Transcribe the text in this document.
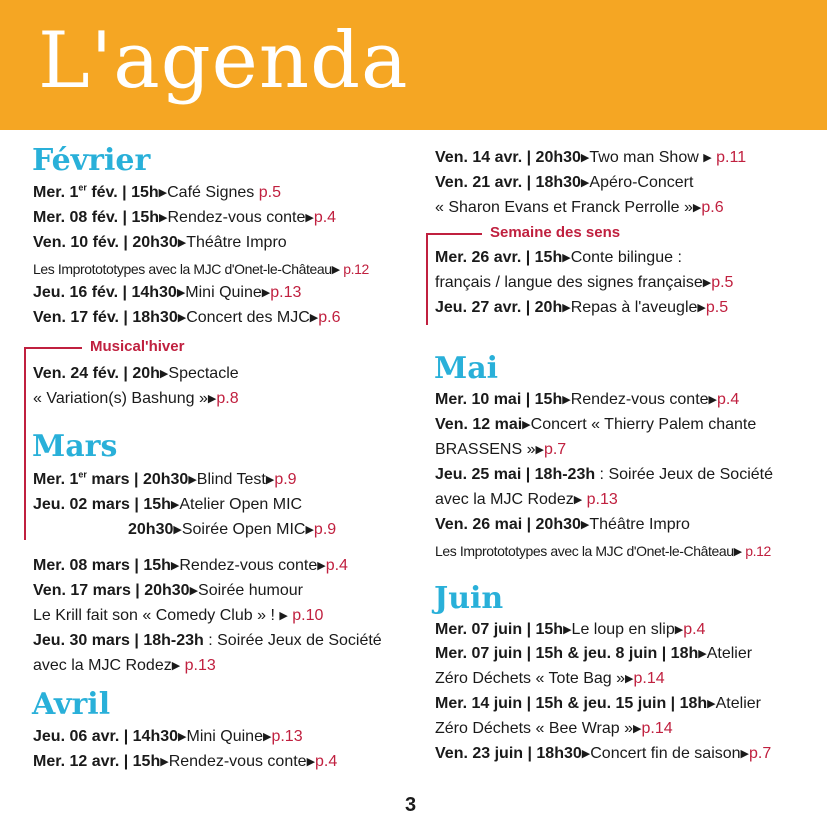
L'agenda
Février
Mer. 1er fév. | 15h▶Café Signes p.5
Mer. 08 fév. | 15h▶Rendez-vous conte▶p.4
Ven. 10 fév. | 20h30▶Théâtre Impro
Les Improtototypes avec la MJC d'Onet-le-Château▶ p.12
Jeu. 16 fév. | 14h30▶Mini Quine▶p.13
Ven. 17 fév. | 18h30▶Concert des MJC▶p.6
Musical'hiver
Ven. 24 fév. | 20h▶Spectacle
« Variation(s) Bashung »▶p.8
Mars
Mer. 1er mars | 20h30▶Blind Test▶p.9
Jeu. 02 mars | 15h▶Atelier Open MIC
20h30▶Soirée Open MIC▶p.9
Mer. 08 mars | 15h▶Rendez-vous conte▶p.4
Ven. 17 mars | 20h30▶Soirée humour
Le Krill fait son « Comedy Club » ! ▶ p.10
Jeu. 30 mars | 18h-23h : Soirée Jeux de Société
avec la MJC Rodez▶ p.13
Avril
Jeu. 06 avr. | 14h30▶Mini Quine▶p.13
Mer. 12 avr. | 15h▶Rendez-vous conte▶p.4
Ven. 14 avr. | 20h30▶Two man Show ▶ p.11
Ven. 21 avr. | 18h30▶Apéro-Concert
« Sharon Evans et Franck Perrolle »▶p.6
Semaine des sens
Mer. 26 avr. | 15h▶Conte bilingue :
français / langue des signes française▶p.5
Jeu. 27 avr. | 20h▶Repas à l'aveugle▶p.5
Mai
Mer. 10 mai | 15h▶Rendez-vous conte▶p.4
Ven. 12 mai▶Concert « Thierry Palem chante
BRASSENS »▶p.7
Jeu. 25 mai | 18h-23h : Soirée Jeux de Société
avec la MJC Rodez▶ p.13
Ven. 26 mai | 20h30▶Théâtre Impro
Les Improtototypes avec la MJC d'Onet-le-Château▶ p.12
Juin
Mer. 07 juin | 15h▶Le loup en slip▶p.4
Mer. 07 juin | 15h & jeu. 8 juin | 18h▶Atelier
Zéro Déchets « Tote Bag »▶p.14
Mer. 14 juin | 15h & jeu. 15 juin | 18h▶Atelier
Zéro Déchets « Bee Wrap »▶p.14
Ven. 23 juin | 18h30▶Concert fin de saison▶p.7
3
